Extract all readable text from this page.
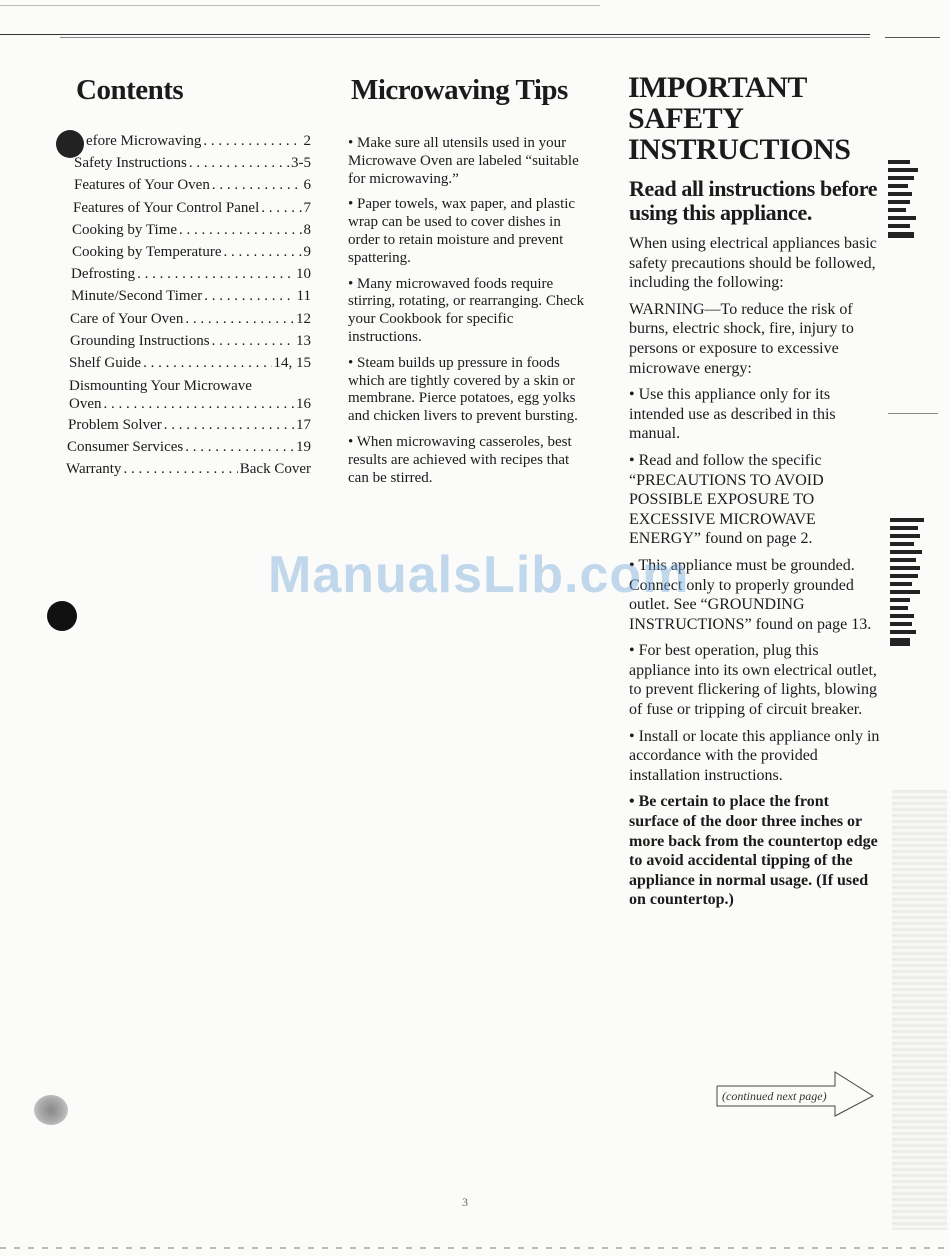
Contents
efore Microwaving . . .	2
Safety Instructions . . .	3-5
Features of Your Oven . . .	6
Features of Your Control Panel . . .	7
Cooking by Time . . .	8
Cooking by Temperature . . .	9
Defrosting . . .	10
Minute/Second Timer . . .	11
Care of Your Oven . . .	12
Grounding Instructions . . .	13
Shelf Guide . . .	14, 15
Dismounting Your Microwave
Oven . . .	16
Problem Solver . . .	17
Consumer Services . . .	19
Warranty . . .	Back Cover
Microwaving Tips

• Make sure all utensils used in your Microwave Oven are labeled “suitable for microwaving.”

• Paper towels, wax paper, and plastic wrap can be used to cover dishes in order to retain moisture and prevent spattering.

• Many microwaved foods require stirring, rotating, or rearranging. Check your Cookbook for specific instructions.

• Steam builds up pressure in foods which are tightly covered by a skin or membrane. Pierce potatoes, egg yolks and chicken livers to prevent bursting.

• When microwaving casseroles, best results are achieved with recipes that can be stirred.

IMPORTANT SAFETY INSTRUCTIONS

Read all instructions before using this appliance.

When using electrical appliances basic safety precautions should be followed, including the following:

WARNING—To reduce the risk of burns, electric shock, fire, injury to persons or exposure to excessive microwave energy:

• Use this appliance only for its intended use as described in this manual.

• Read and follow the specific “PRECAUTIONS TO AVOID POSSIBLE EXPOSURE TO EXCESSIVE MICROWAVE ENERGY” found on page 2.

• This appliance must be grounded. Connect only to properly grounded outlet. See “GROUNDING INSTRUCTIONS” found on page 13.

• For best operation, plug this appliance into its own electrical outlet, to prevent flickering of lights, blowing of fuse or tripping of circuit breaker.

• Install or locate this appliance only in accordance with the provided installation instructions.

• Be certain to place the front surface of the door three inches or more back from the countertop edge to avoid accidental tipping of the appliance in normal usage. (If used on countertop.)

(continued next page)
ManualsLib.com
3
